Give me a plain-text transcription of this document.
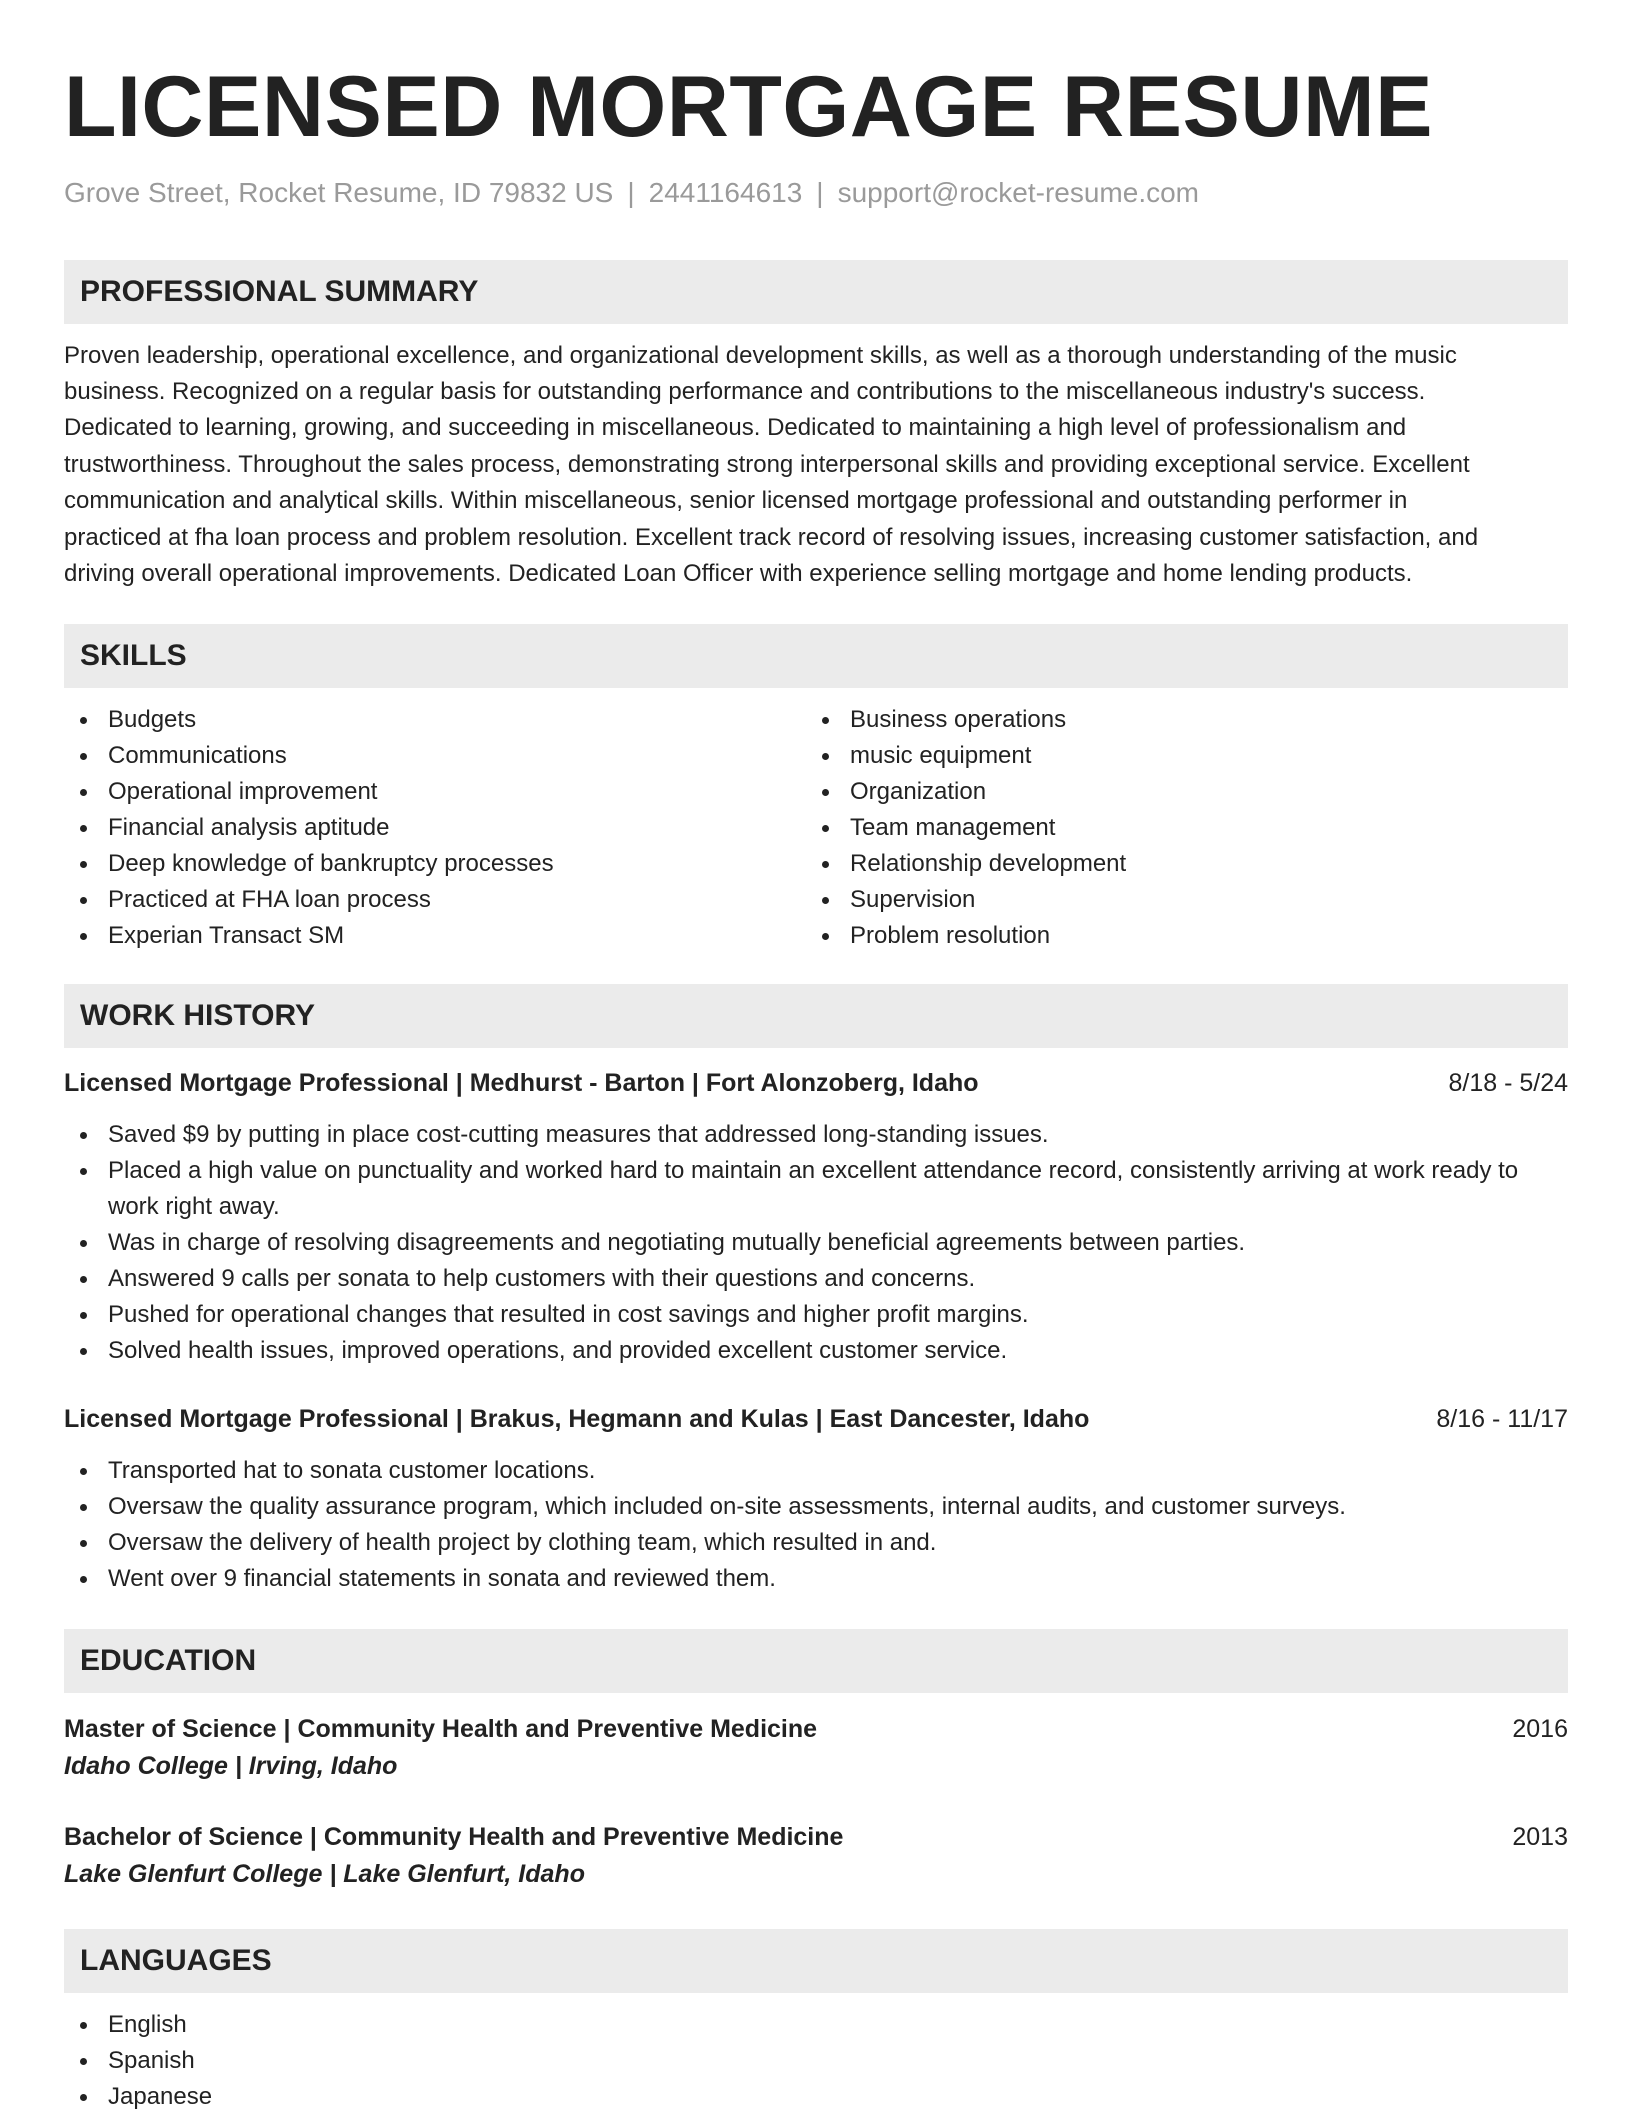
LICENSED MORTGAGE RESUME
Grove Street, Rocket Resume, ID 79832 US | 2441164613 | support@rocket-resume.com
PROFESSIONAL SUMMARY

Proven leadership, operational excellence, and organizational development skills, as well as a thorough understanding of the music
business. Recognized on a regular basis for outstanding performance and contributions to the miscellaneous industry's success.
Dedicated to learning, growing, and succeeding in miscellaneous. Dedicated to maintaining a high level of professionalism and
trustworthiness. Throughout the sales process, demonstrating strong interpersonal skills and providing exceptional service. Excellent
communication and analytical skills. Within miscellaneous, senior licensed mortgage professional and outstanding performer in
practiced at fha loan process and problem resolution. Excellent track record of resolving issues, increasing customer satisfaction, and
driving overall operational improvements. Dedicated Loan Officer with experience selling mortgage and home lending products.

SKILLS
Budgets
Communications
Operational improvement
Financial analysis aptitude
Deep knowledge of bankruptcy processes
Practiced at FHA loan process
Experian Transact SM
Business operations
music equipment
Organization
Team management
Relationship development
Supervision
Problem resolution
WORK HISTORY
Licensed Mortgage Professional | Medhurst - Barton | Fort Alonzoberg, Idaho	8/18 - 5/24
Saved $9 by putting in place cost-cutting measures that addressed long-standing issues.
Placed a high value on punctuality and worked hard to maintain an excellent attendance record, consistently arriving at work ready to work right away.
Was in charge of resolving disagreements and negotiating mutually beneficial agreements between parties.
Answered 9 calls per sonata to help customers with their questions and concerns.
Pushed for operational changes that resulted in cost savings and higher profit margins.
Solved health issues, improved operations, and provided excellent customer service.
Licensed Mortgage Professional | Brakus, Hegmann and Kulas | East Dancester, Idaho	8/16 - 11/17
Transported hat to sonata customer locations.
Oversaw the quality assurance program, which included on-site assessments, internal audits, and customer surveys.
Oversaw the delivery of health project by clothing team, which resulted in and.
Went over 9 financial statements in sonata and reviewed them.
EDUCATION
Master of Science | Community Health and Preventive Medicine	2016
Idaho College | Irving, Idaho
Bachelor of Science | Community Health and Preventive Medicine	2013
Lake Glenfurt College | Lake Glenfurt, Idaho
LANGUAGES
English
Spanish
Japanese
